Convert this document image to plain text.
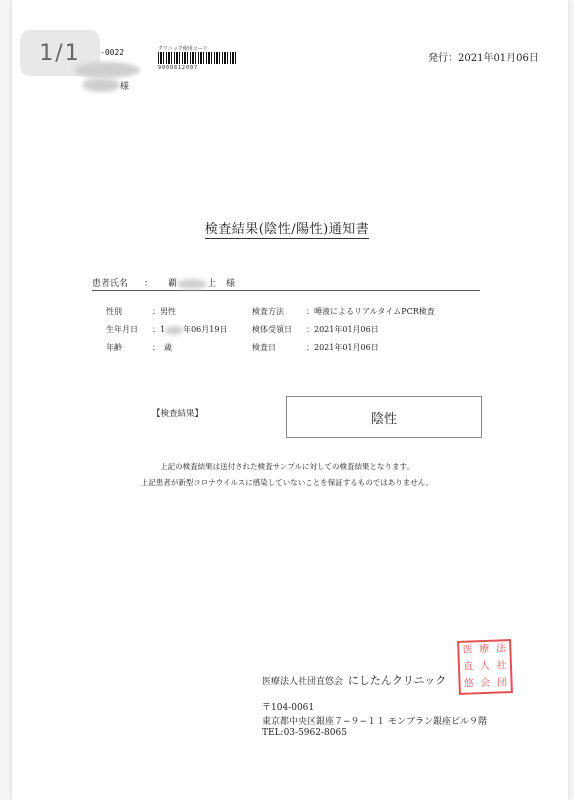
1/1	-0022	クリニック使用コード
9000812007
様
発行：2021年01月06日
検査結果(陰性/陽性)通知書
患者氏名 ： 覇	上 様
性別	：男性
生年月日 ：1 年06月19日
年齢	：　歳
検査方法	：唾液によるリアルタイムPCR検査
検体受領日 ：2021年01月06日
検査日	：2021年01月06日
【検査結果】	陰性
上記の検査結果は送付された検査サンプルに対しての検査結果となります。
上記患者が新型コロナウイルスに感染していないことを保証するものではありません。
医 療 法
直 人 社
悠 会 団
医療法人社団直悠会 にしたんクリニック
〒104-0061
東京都中央区銀座７−９−１１ モンブラン銀座ビル９階
TEL:03-5962-8065
